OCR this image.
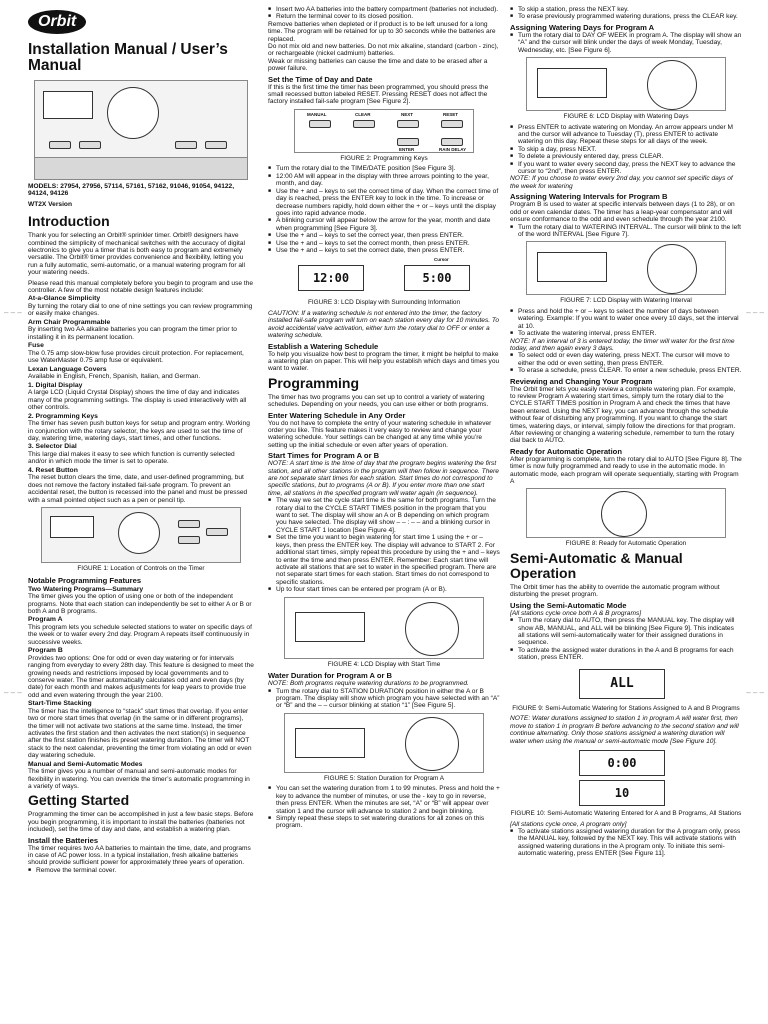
Orbit
Installation Manual / User’s Manual

MODELS: 27954, 27956, 57114, 57161, 57162, 91046, 91054, 94122, 94124, 94126

WT2X Version

Introduction

Thank you for selecting an Orbit® sprinkler timer. Orbit® designers have combined the simplicity of mechanical switches with the accuracy of digital electronics to give you a timer that is both easy to program and extremely versatile. The Orbit® timer provides convenience and flexibility, letting you run a fully automatic, semi-automatic, or a manual watering program for all your watering needs.

Please read this manual completely before you begin to program and use the controller. A few of the most notable design features include:

At-a-Glance Simplicity

By turning the rotary dial to one of nine settings you can review programming or easily make changes.

Arm Chair Programmable

By inserting two AA alkaline batteries you can program the timer prior to installing it in its permanent location.

Fuse

The 0.75 amp slow-blow fuse provides circuit protection. For replacement, use WaterMaster 0.75 amp fuse or equivalent.

Lexan Language Covers

Available in English, French, Spanish, Italian, and German.

1. Digital Display

A large LCD (Liquid Crystal Display) shows the time of day and indicates many of the programming settings. The display is used interactively with all other controls.

2. Programming Keys

The timer has seven push button keys for setup and program entry. Working in conjunction with the rotary selector, the keys are used to set the time of day, watering time, watering days, start times, and other functions.

3. Selector Dial

This large dial makes it easy to see which function is currently selected and/or in which mode the timer is set to operate.

4. Reset Button

The reset button clears the time, date, and user-defined programming, but does not remove the factory installed fail-safe program. To prevent an accidental reset, the button is recessed into the panel and must be pressed with a small pointed object such as a pen or pencil tip.

FIGURE 1: Location of Controls on the Timer

Notable Programming Features
Two Watering Programs—Summary

The timer gives you the option of using one or both of the independent programs. Note that each station can independently be set to either A or B or both A and B programs.

Program A

This program lets you schedule selected stations to water on specific days of the week or to water every 2nd day. Program A repeats itself continuously in successive weeks.

Program B

Provides two options: One for odd or even day watering or for intervals ranging from everyday to every 28th day. This feature is designed to meet the growing needs and restrictions imposed by local governments and to conserve water. The timer automatically calculates odd and even days (by date) for each month and makes adjustments for leap years to provide true odd and even watering through the year 2100.

Start-Time Stacking

The timer has the intelligence to “stack” start times that overlap. If you enter two or more start times that overlap (in the same or in different programs), the timer will not activate two stations at the same time. Instead, the timer activates the first station and then activates the next station(s) in sequence after the first station finishes its preset watering duration. The timer will NOT stack to the next calendar, preventing the timer from violating an odd or even day watering schedule.

Manual and Semi-Automatic Modes

The timer gives you a number of manual and semi-automatic modes for flexibility in watering. You can override the timer’s automatic programming in a variety of ways.

Getting Started

Programming the timer can be accomplished in just a few basic steps. Before you begin programming, it is important to install the batteries (batteries not included), set the time of day and date, and establish a watering plan.

Install the Batteries

The timer requires two AA batteries to maintain the time, date, and programs in case of AC power loss. In a typical installation, fresh alkaline batteries should provide sufficient power for approximately three years of operation.

■ Remove the terminal cover.
■ Insert two AA batteries into the battery compartment (batteries not included).
■ Return the terminal cover to its closed position.

Remove batteries when depleted or if product is to be left unused for a long time. The program will be retained for up to 30 seconds while the batteries are replaced.

Do not mix old and new batteries. Do not mix alkaline, standard (carbon - zinc), or rechargeable (nickel cadmium) batteries.

Weak or missing batteries can cause the time and date to be erased after a power failure.

Set the Time of Day and Date

If this is the first time the timer has been programmed, you should press the small recessed button labeled RESET. Pressing RESET does not affect the factory installed fail-safe program [See Figure 2].

MANUAL	CLEAR	NEXT	RESET
ENTER	RAIN DELAY

FIGURE 2: Programming Keys

■ Turn the rotary dial to the TIME/DATE position [See Figure 3].
■ 12:00 AM will appear in the display with three arrows pointing to the year, month, and day.
■ Use the + and – keys to set the correct time of day. When the correct time of day is reached, press the ENTER key to lock in the time. To increase or decrease numbers rapidly, hold down either the + or – keys until the display goes into rapid advance mode.
■ A blinking cursor will appear below the arrow for the year, month and date when programming [See Figure 3].
■ Use the + and – keys to set the correct year, then press ENTER.
■ Use the + and – keys to set the correct month, then press ENTER.
■ Use the + and – keys to set the correct date, then press ENTER.
12:00	5:00
Cursor

FIGURE 3: LCD Display with Surrounding Information

CAUTION: If a watering schedule is not entered into the timer, the factory installed fail-safe program will turn on each station every day for 10 minutes. To avoid accidental valve activation, either turn the rotary dial to OFF or enter a watering schedule.

Establish a Watering Schedule

To help you visualize how best to program the timer, it might be helpful to make a watering plan on paper. This will help you establish which days and times you want to water.

Programming

The timer has two programs you can set up to control a variety of watering schedules. Depending on your needs, you can use either or both programs.

Enter Watering Schedule in Any Order

You do not have to complete the entry of your watering schedule in whatever order you like. This feature makes it very easy to review and change your watering schedule. Your settings can be changed at any time while you’re setting up the initial schedule or even after years of operation.

Start Times for Program A or B

NOTE: A start time is the time of day that the program begins watering the first station, and all other stations in the program will then follow in sequence. There are not separate start times for each station. Start times do not correspond to specific stations, but to programs (A or B). If you enter more than one start time, all stations in the specified program will water again (in sequence).

■ The way we set the cycle start time is the same for both programs. Turn the rotary dial to the CYCLE START TIMES position in the program that you want to set. The display will show an A or B depending on which program you have selected. The display will show – – : – – and a blinking cursor in CYCLE START 1 location [See Figure 4].
■ Set the time you want to begin watering for start time 1 using the + or – keys, then press the ENTER key. The display will advance to START 2. For additional start times, simply repeat this procedure by using the + and – keys to enter the time and then press ENTER. Remember: Each start time will activate all stations that are set to water in the specified program. There are not separate start times for each station. Start times do not correspond to specific stations.
■ Up to four start times can be entered per program (A or B).

FIGURE 4: LCD Display with Start Time

Water Duration for Program A or B

NOTE: Both programs require watering durations to be programmed.

■ Turn the rotary dial to STATION DURATION position in either the A or B program. The display will show which program you have selected with an “A” or “B” and the – – cursor blinking at station “1” [See Figure 5].

FIGURE 5: Station Duration for Program A

■ You can set the watering duration from 1 to 99 minutes. Press and hold the + key to advance the number of minutes, or use the - key to go in reverse, then press ENTER. When the minutes are set, “A” or “B” will appear over station 1 and the cursor will advance to station 2 and begin blinking.
■ Simply repeat these steps to set watering durations for all zones on this program.
■ To skip a station, press the NEXT key.
■ To erase previously programmed watering durations, press the CLEAR key.
Assigning Watering Days for Program A
■ Turn the rotary dial to DAY OF WEEK in program A. The display will show an “A” and the cursor will blink under the days of week Monday, Tuesday, Wednesday, etc. [See Figure 6].

FIGURE 6: LCD Display with Watering Days

■ Press ENTER to activate watering on Monday. An arrow appears under M and the cursor will advance to Tuesday (T), press ENTER to activate watering on this day. Repeat these steps for all days of the week.
■ To skip a day, press NEXT.
■ To delete a previously entered day, press CLEAR.
■ If you want to water every second day, press the NEXT key to advance the cursor to “2nd”, then press ENTER.

NOTE: If you choose to water every 2nd day, you cannot set specific days of the week for watering

Assigning Watering Intervals for Program B

Program B is used to water at specific intervals between days (1 to 28), or on odd or even calendar dates. The timer has a leap-year compensator and will ensure conformance to the odd and even schedule through the year 2100.

■ Turn the rotary dial to WATERING INTERVAL. The cursor will blink to the left of the word INTERVAL [See Figure 7].

FIGURE 7: LCD Display with Watering Interval

■ Press and hold the + or – keys to select the number of days between watering. Example: If you want to water once every 10 days, set the interval at 10.
■ To activate the watering interval, press ENTER.

NOTE: If an interval of 3 is entered today, the timer will water for the first time today, and then again every 3 days.

■ To select odd or even day watering, press NEXT. The cursor will move to either the odd or even setting, then press ENTER.
■ To erase a schedule, press CLEAR. To enter a new schedule, press ENTER.
Reviewing and Changing Your Program

The Orbit timer lets you easily review a complete watering plan. For example, to review Program A watering start times, simply turn the rotary dial to the CYCLE START TIMES position in Program A and check the times that have been entered. Using the NEXT key, you can advance through the schedule without fear of disturbing any programming. If you want to change the start times, watering days, or interval, simply follow the directions for that program. After reviewing or changing a watering schedule, remember to turn the rotary dial back to AUTO.

Ready for Automatic Operation

After programming is complete, turn the rotary dial to AUTO [See Figure 8]. The timer is now fully programmed and ready to use in the automatic mode. In automatic mode, each program will operate sequentially, starting with Program A

FIGURE 8: Ready for Automatic Operation

Semi-Automatic & Manual Operation

The Orbit timer has the ability to override the automatic program without disturbing the preset program.

Using the Semi-Automatic Mode

[All stations cycle once both A & B programs]

■ Turn the rotary dial to AUTO, then press the MANUAL key. The display will show AB, MANUAL, and ALL will be blinking [See Figure 9]. This indicates all stations will semi-automatically water for their assigned durations in sequence.
■ To activate the assigned water durations in the A and B programs for each station, press ENTER.
ALL

FIGURE 9: Semi-Automatic Watering for Stations Assigned to A and B Programs

NOTE: Water durations assigned to station 1 in program A will water first, then move to station 1 in program B before advancing to the second station and will continue alternating. Only those stations assigned a watering duration will water when using the manual or semi-automatic mode [See Figure 10].

0:00
10

FIGURE 10: Semi-Automatic Watering Entered for A and B Programs, All Stations

[All stations cycle once, A program only]

■ To activate stations assigned watering duration for the A program only, press the MANUAL key, followed by the NEXT key. This will activate stations with assigned watering durations in the A program only. To initiate this semi-automatic watering, press ENTER [See Figure 11].
– – –
– – –
– – –
– – –
